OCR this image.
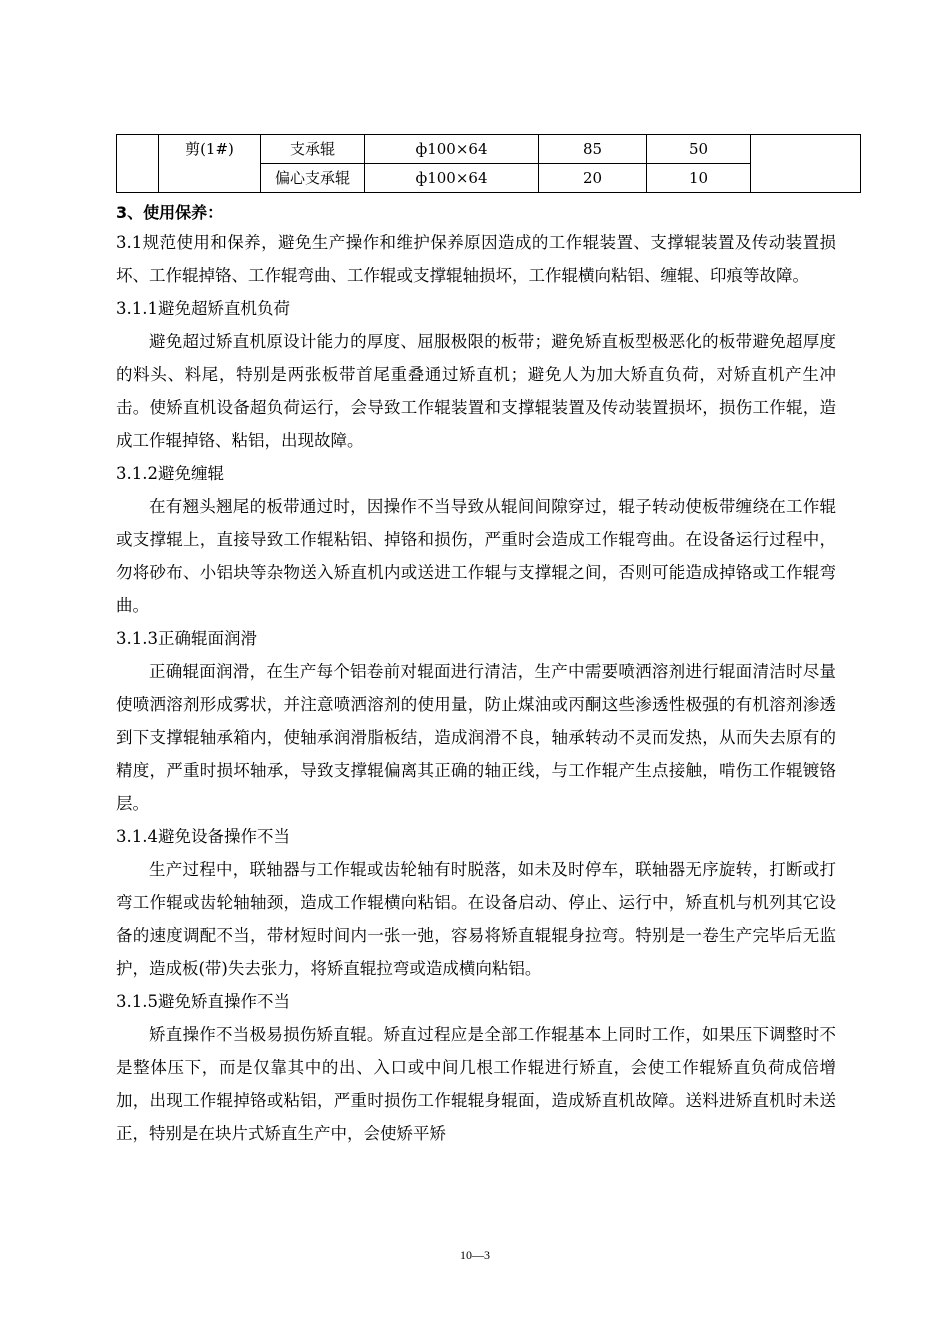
	剪(1#)	支承辊	ф100×64	85	50	
		偏心支承辊	ф100×64	20	10	
3、使用保养：

3.1规范使用和保养，避免生产操作和维护保养原因造成的工作辊装置、支撑辊装置及传动装置损坏、工作辊掉铬、工作辊弯曲、工作辊或支撑辊轴损坏，工作辊横向粘铝、缠辊、印痕等故障。

3.1.1避免超矫直机负荷

避免超过矫直机原设计能力的厚度、屈服极限的板带；避免矫直板型极恶化的板带避免超厚度的料头、料尾，特别是两张板带首尾重叠通过矫直机；避免人为加大矫直负荷，对矫直机产生冲击。使矫直机设备超负荷运行，会导致工作辊装置和支撑辊装置及传动装置损坏，损伤工作辊，造成工作辊掉铬、粘铝，出现故障。

3.1.2避免缠辊

在有翘头翘尾的板带通过时，因操作不当导致从辊间间隙穿过，辊子转动使板带缠绕在工作辊或支撑辊上，直接导致工作辊粘铝、掉铬和损伤，严重时会造成工作辊弯曲。在设备运行过程中，勿将砂布、小铝块等杂物送入矫直机内或送进工作辊与支撑辊之间，否则可能造成掉铬或工作辊弯曲。

3.1.3正确辊面润滑

正确辊面润滑，在生产每个铝卷前对辊面进行清洁，生产中需要喷洒溶剂进行辊面清洁时尽量使喷洒溶剂形成雾状，并注意喷洒溶剂的使用量，防止煤油或丙酮这些渗透性极强的有机溶剂渗透到下支撑辊轴承箱内，使轴承润滑脂板结，造成润滑不良，轴承转动不灵而发热，从而失去原有的精度，严重时损坏轴承，导致支撑辊偏离其正确的轴正线，与工作辊产生点接触，啃伤工作辊镀铬层。

3.1.4避免设备操作不当

生产过程中，联轴器与工作辊或齿轮轴有时脱落，如未及时停车，联轴器无序旋转，打断或打弯工作辊或齿轮轴轴颈，造成工作辊横向粘铝。在设备启动、停止、运行中，矫直机与机列其它设备的速度调配不当，带材短时间内一张一弛，容易将矫直辊辊身拉弯。特别是一卷生产完毕后无监护，造成板(带)失去张力，将矫直辊拉弯或造成横向粘铝。

3.1.5避免矫直操作不当

矫直操作不当极易损伤矫直辊。矫直过程应是全部工作辊基本上同时工作，如果压下调整时不是整体压下，而是仅靠其中的出、入口或中间几根工作辊进行矫直，会使工作辊矫直负荷成倍增加，出现工作辊掉铬或粘铝，严重时损伤工作辊辊身辊面，造成矫直机故障。送料进矫直机时未送正，特别是在块片式矫直生产中，会使矫平矫

10—3
